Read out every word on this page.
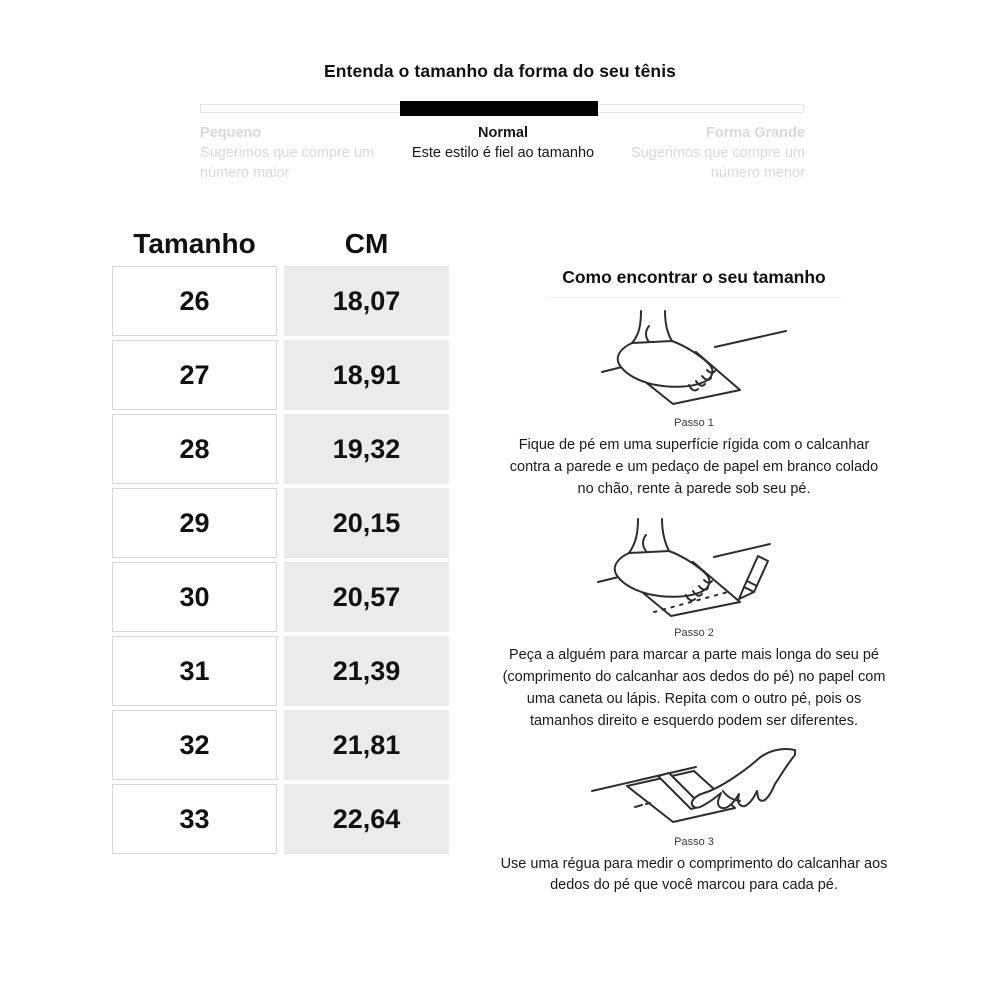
Entenda o tamanho da forma do seu tênis
Pequeno
Sugerimos que compre um número maior
Normal
Este estilo é fiel ao tamanho
Forma Grande
Sugerimos que compre um número menor
Tamanho	CM
26	18,07
27	18,91
28	19,32
29	20,15
30	20,57
31	21,39
32	21,81
33	22,64
Como encontrar o seu tamanho
Passo 1

Fique de pé em uma superfície rígida com o calcanhar contra a parede e um pedaço de papel em branco colado no chão, rente à parede sob seu pé.

Passo 2

Peça a alguém para marcar a parte mais longa do seu pé (comprimento do calcanhar aos dedos do pé) no papel com uma caneta ou lápis. Repita com o outro pé, pois os tamanhos direito e esquerdo podem ser diferentes.

Passo 3

Use uma régua para medir o comprimento do calcanhar aos dedos do pé que você marcou para cada pé.
